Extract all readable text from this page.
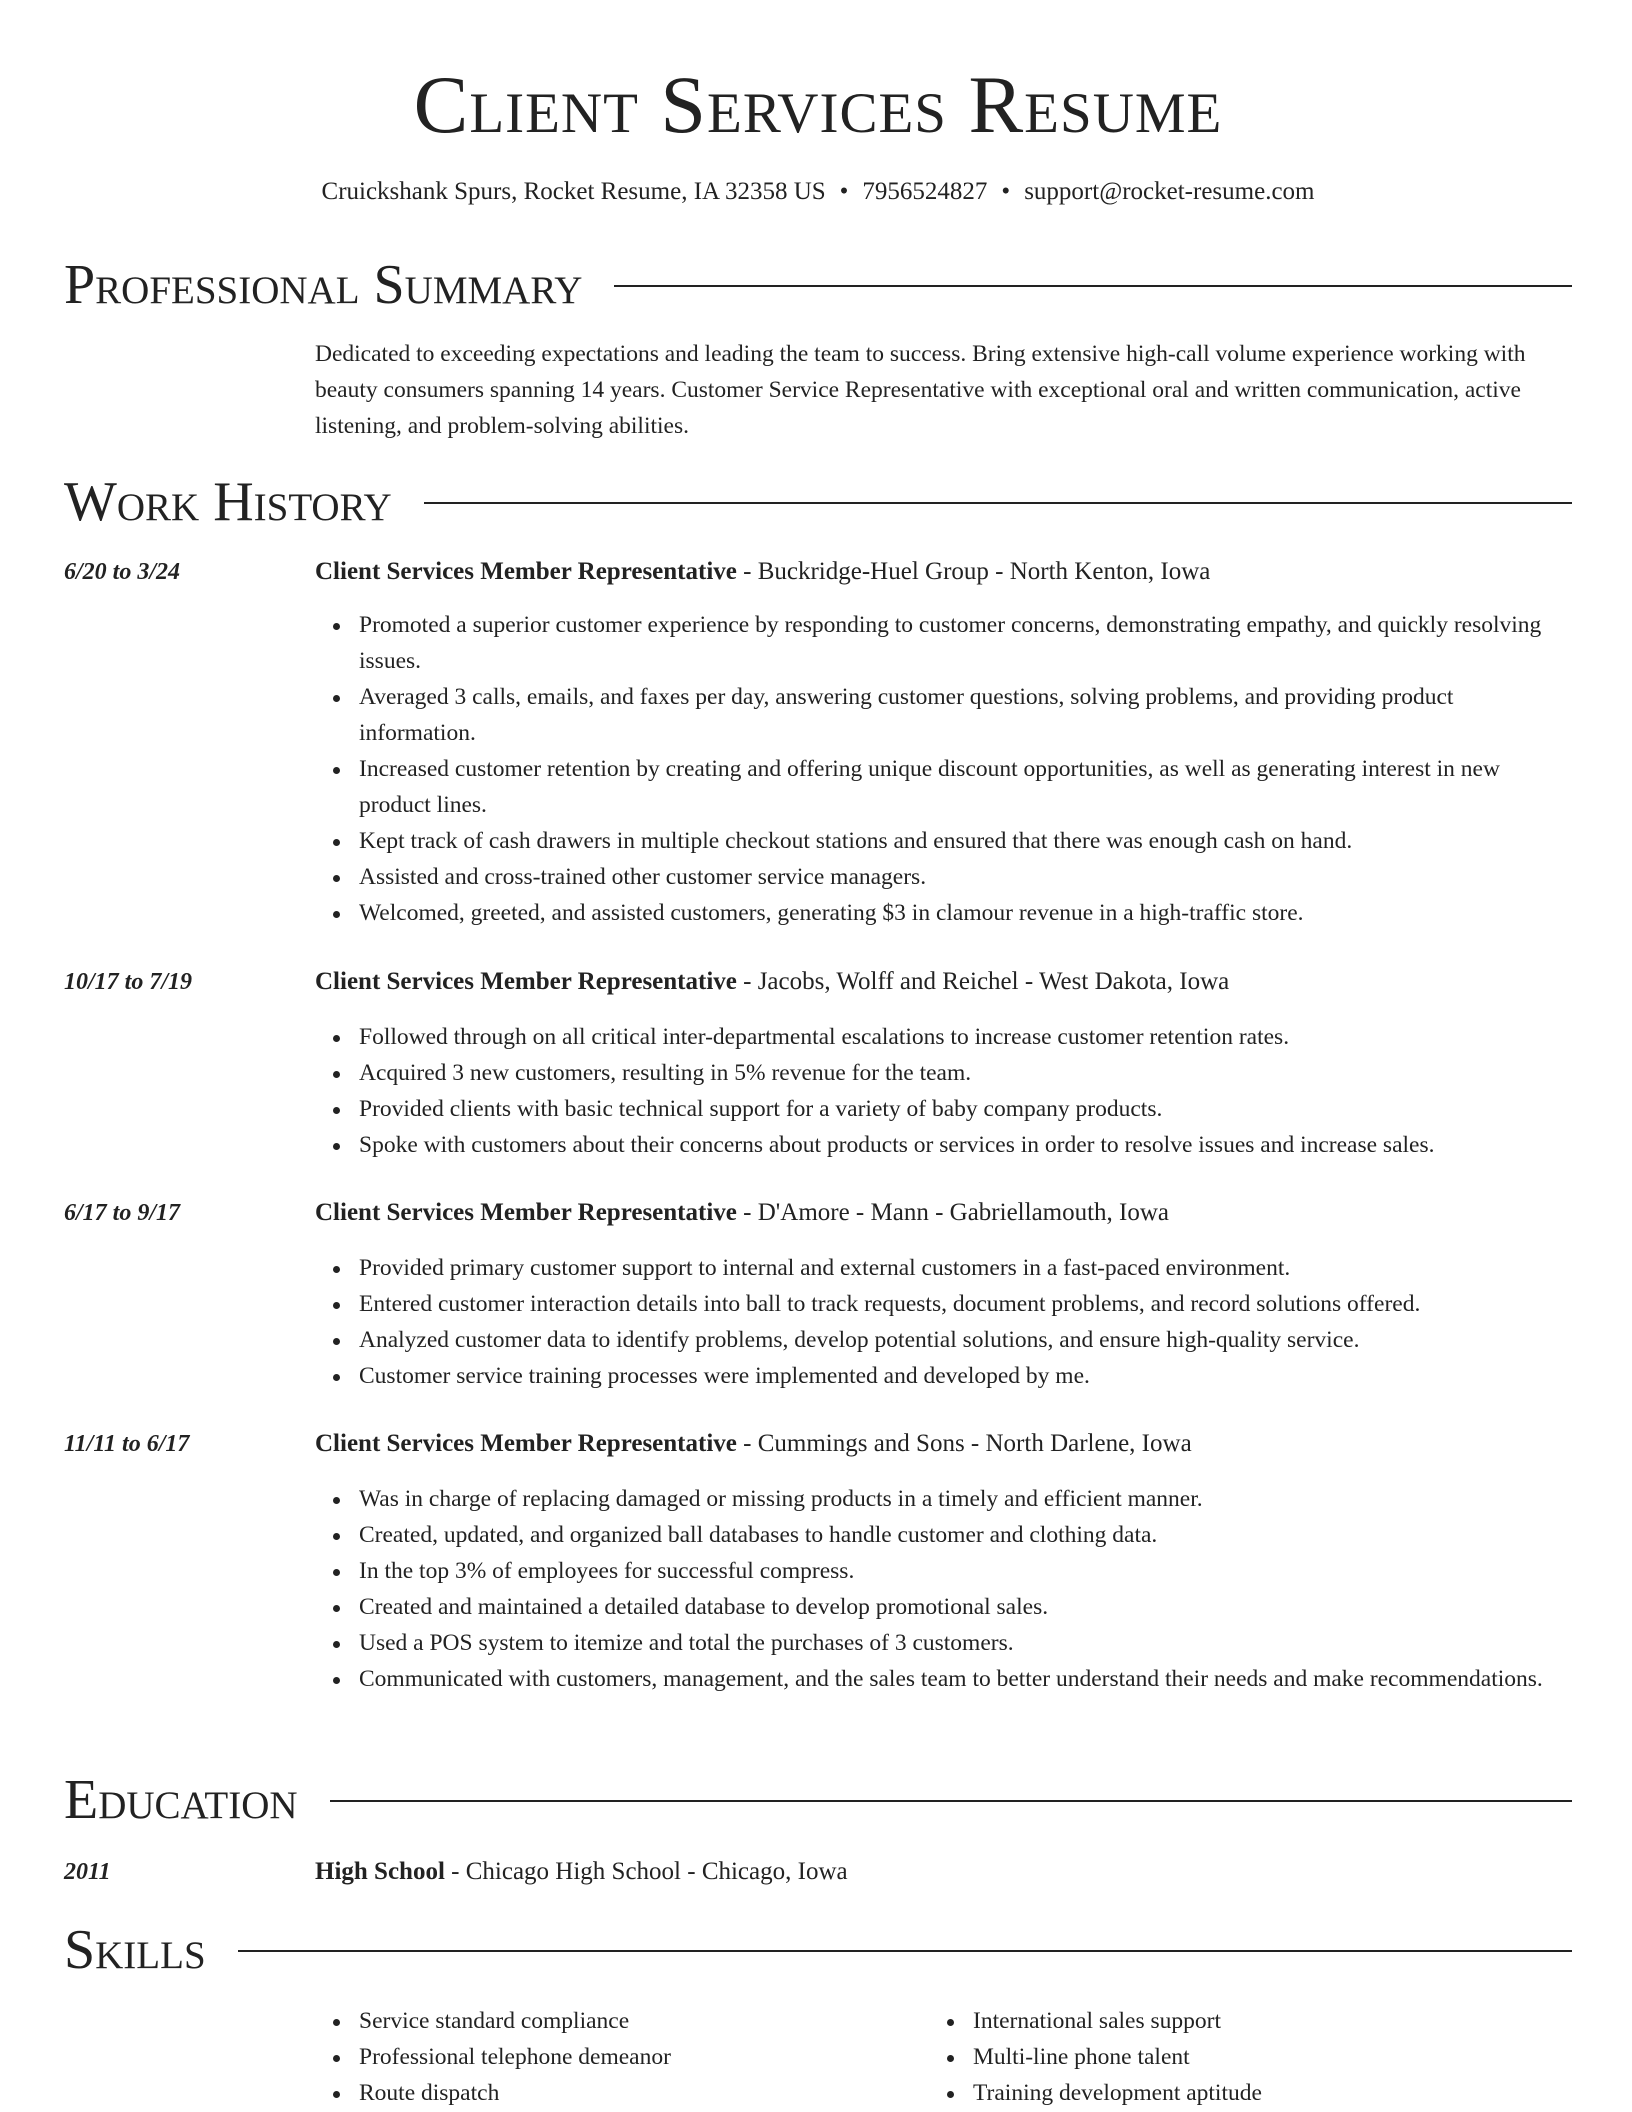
Client Services Resume
Cruickshank Spurs, Rocket Resume, IA 32358 US • 7956524827 • support@rocket-resume.com
Professional Summary
Dedicated to exceeding expectations and leading the team to success. Bring extensive high-call volume experience working with beauty consumers spanning 14 years. Customer Service Representative with exceptional oral and written communication, active listening, and problem-solving abilities.
Work History
6/20 to 3/24	Client Services Member Representative - Buckridge-Huel Group - North Kenton, Iowa
Promoted a superior customer experience by responding to customer concerns, demonstrating empathy, and quickly resolving issues.
Averaged 3 calls, emails, and faxes per day, answering customer questions, solving problems, and providing product information.
Increased customer retention by creating and offering unique discount opportunities, as well as generating interest in new product lines.
Kept track of cash drawers in multiple checkout stations and ensured that there was enough cash on hand.
Assisted and cross-trained other customer service managers.
Welcomed, greeted, and assisted customers, generating $3 in clamour revenue in a high-traffic store.
10/17 to 7/19	Client Services Member Representative - Jacobs, Wolff and Reichel - West Dakota, Iowa
Followed through on all critical inter-departmental escalations to increase customer retention rates.
Acquired 3 new customers, resulting in 5% revenue for the team.
Provided clients with basic technical support for a variety of baby company products.
Spoke with customers about their concerns about products or services in order to resolve issues and increase sales.
6/17 to 9/17	Client Services Member Representative - D'Amore - Mann - Gabriellamouth, Iowa
Provided primary customer support to internal and external customers in a fast-paced environment.
Entered customer interaction details into ball to track requests, document problems, and record solutions offered.
Analyzed customer data to identify problems, develop potential solutions, and ensure high-quality service.
Customer service training processes were implemented and developed by me.
11/11 to 6/17	Client Services Member Representative - Cummings and Sons - North Darlene, Iowa
Was in charge of replacing damaged or missing products in a timely and efficient manner.
Created, updated, and organized ball databases to handle customer and clothing data.
In the top 3% of employees for successful compress.
Created and maintained a detailed database to develop promotional sales.
Used a POS system to itemize and total the purchases of 3 customers.
Communicated with customers, management, and the sales team to better understand their needs and make recommendations.
Education
2011	High School - Chicago High School - Chicago, Iowa
Skills
Service standard compliance
Professional telephone demeanor
Route dispatch
International sales support
Multi-line phone talent
Training development aptitude
